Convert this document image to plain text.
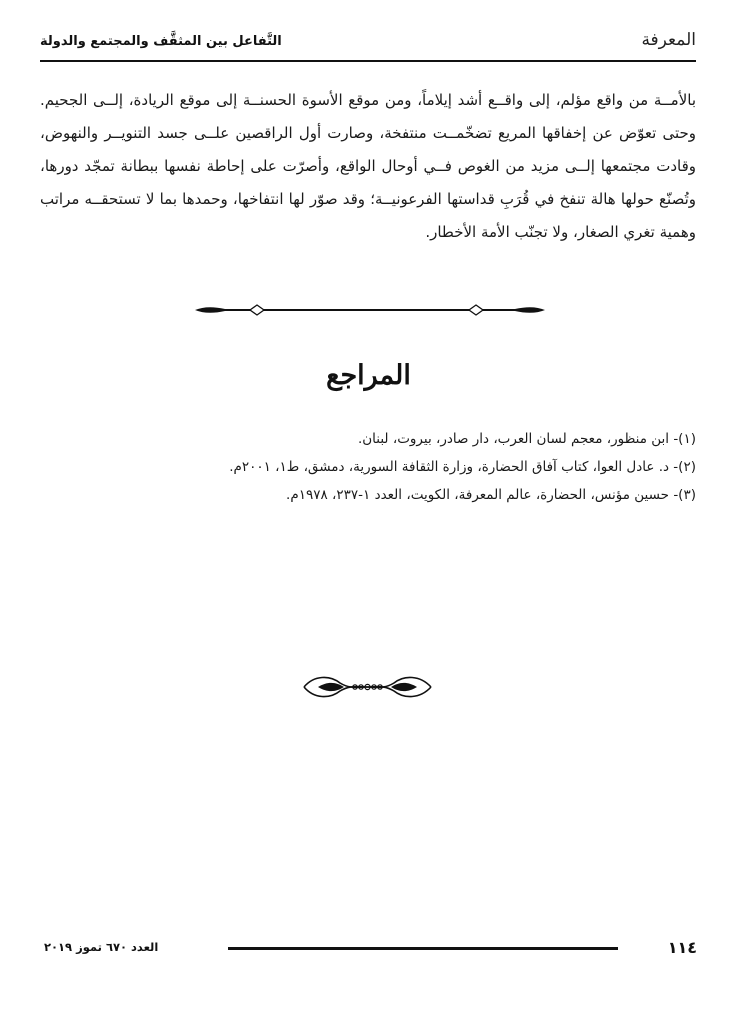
المعرفة
التَّفاعل بين المثقَّف والمجتمع والدولة
بالأمــة من واقع مؤلم، إلى واقــع أشد إيلاماً، ومن موقع الأسوة الحسنــة إلى موقع الريادة، إلــى الجحيم. وحتى تعوّض عن إخفاقها المريع تضخّمــت منتفخة، وصارت أول الراقصين علــى جسد التنويــر والنهوض، وقادت مجتمعها إلــى مزيد من الغوص فــي أوحال الواقع، وأصرّت على إحاطة نفسها ببطانة تمجّد دورها، وتُصنّع حولها هالة تنفخ في قُرَبِ قداستها الفرعونيــة؛ وقد صوّر لها انتفاخها، وحمدها بما لا تستحقــه مراتب وهمية تغري الصغار، ولا تجنّب الأمة الأخطار.
المراجع
(١)- ابن منظور، معجم لسان العرب، دار صادر، بيروت، لبنان.
(٢)- د. عادل العوا، كتاب آفاق الحضارة، وزارة الثقافة السورية، دمشق، ط١، ٢٠٠١م.
(٣)- حسين مؤنس، الحضارة، عالم المعرفة، الكويت، العدد ١-٢٣٧، ١٩٧٨م.
١١٤
العدد ٦٧٠ تموز ٢٠١٩
